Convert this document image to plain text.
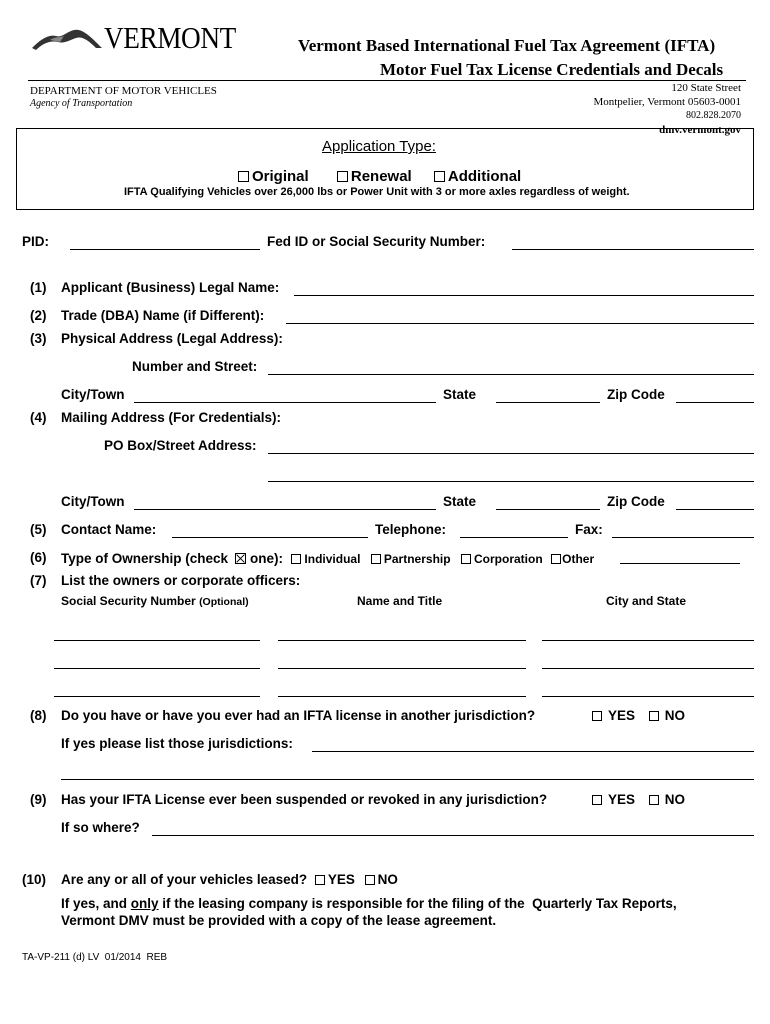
VERMONT	Vermont Based International Fuel Tax Agreement (IFTA)
Motor Fuel Tax License Credentials and Decals
DEPARTMENT OF MOTOR VEHICLES
Agency of Transportation
120 State Street
Montpelier, Vermont 05603-0001
802.828.2070
dmv.vermont.gov
Application Type:
Original	Renewal Additional
IFTA Qualifying Vehicles over 26,000 lbs or Power Unit with 3 or more axles regardless of weight.
PID:	Fed ID or Social Security Number:
(1) Applicant (Business) Legal Name:
(2) Trade (DBA) Name (if Different):
(3) Physical Address (Legal Address):
Number and Street:
City/Town	State	Zip Code
(4) Mailing Address (For Credentials):
PO Box/Street Address:
City/Town	State	Zip Code
(5) Contact Name:	Telephone:	Fax:
(6) Type of Ownership (check one): Individual Partnership Corporation Other
(7) List the owners or corporate officers:
Social Security Number (Optional)	Name and Title	City and State
(8) Do you have or have you ever had an IFTA license in another jurisdiction?	YES NO
If yes please list those jurisdictions:
(9) Has your IFTA License ever been suspended or revoked in any jurisdiction?	YES NO
If so where?
(10) Are any or all of your vehicles leased? YES NO
If yes, and only if the leasing company is responsible for the filing of the  Quarterly Tax Reports,
Vermont DMV must be provided with a copy of the lease agreement.
TA-VP-211 (d) LV  01/2014  REB
